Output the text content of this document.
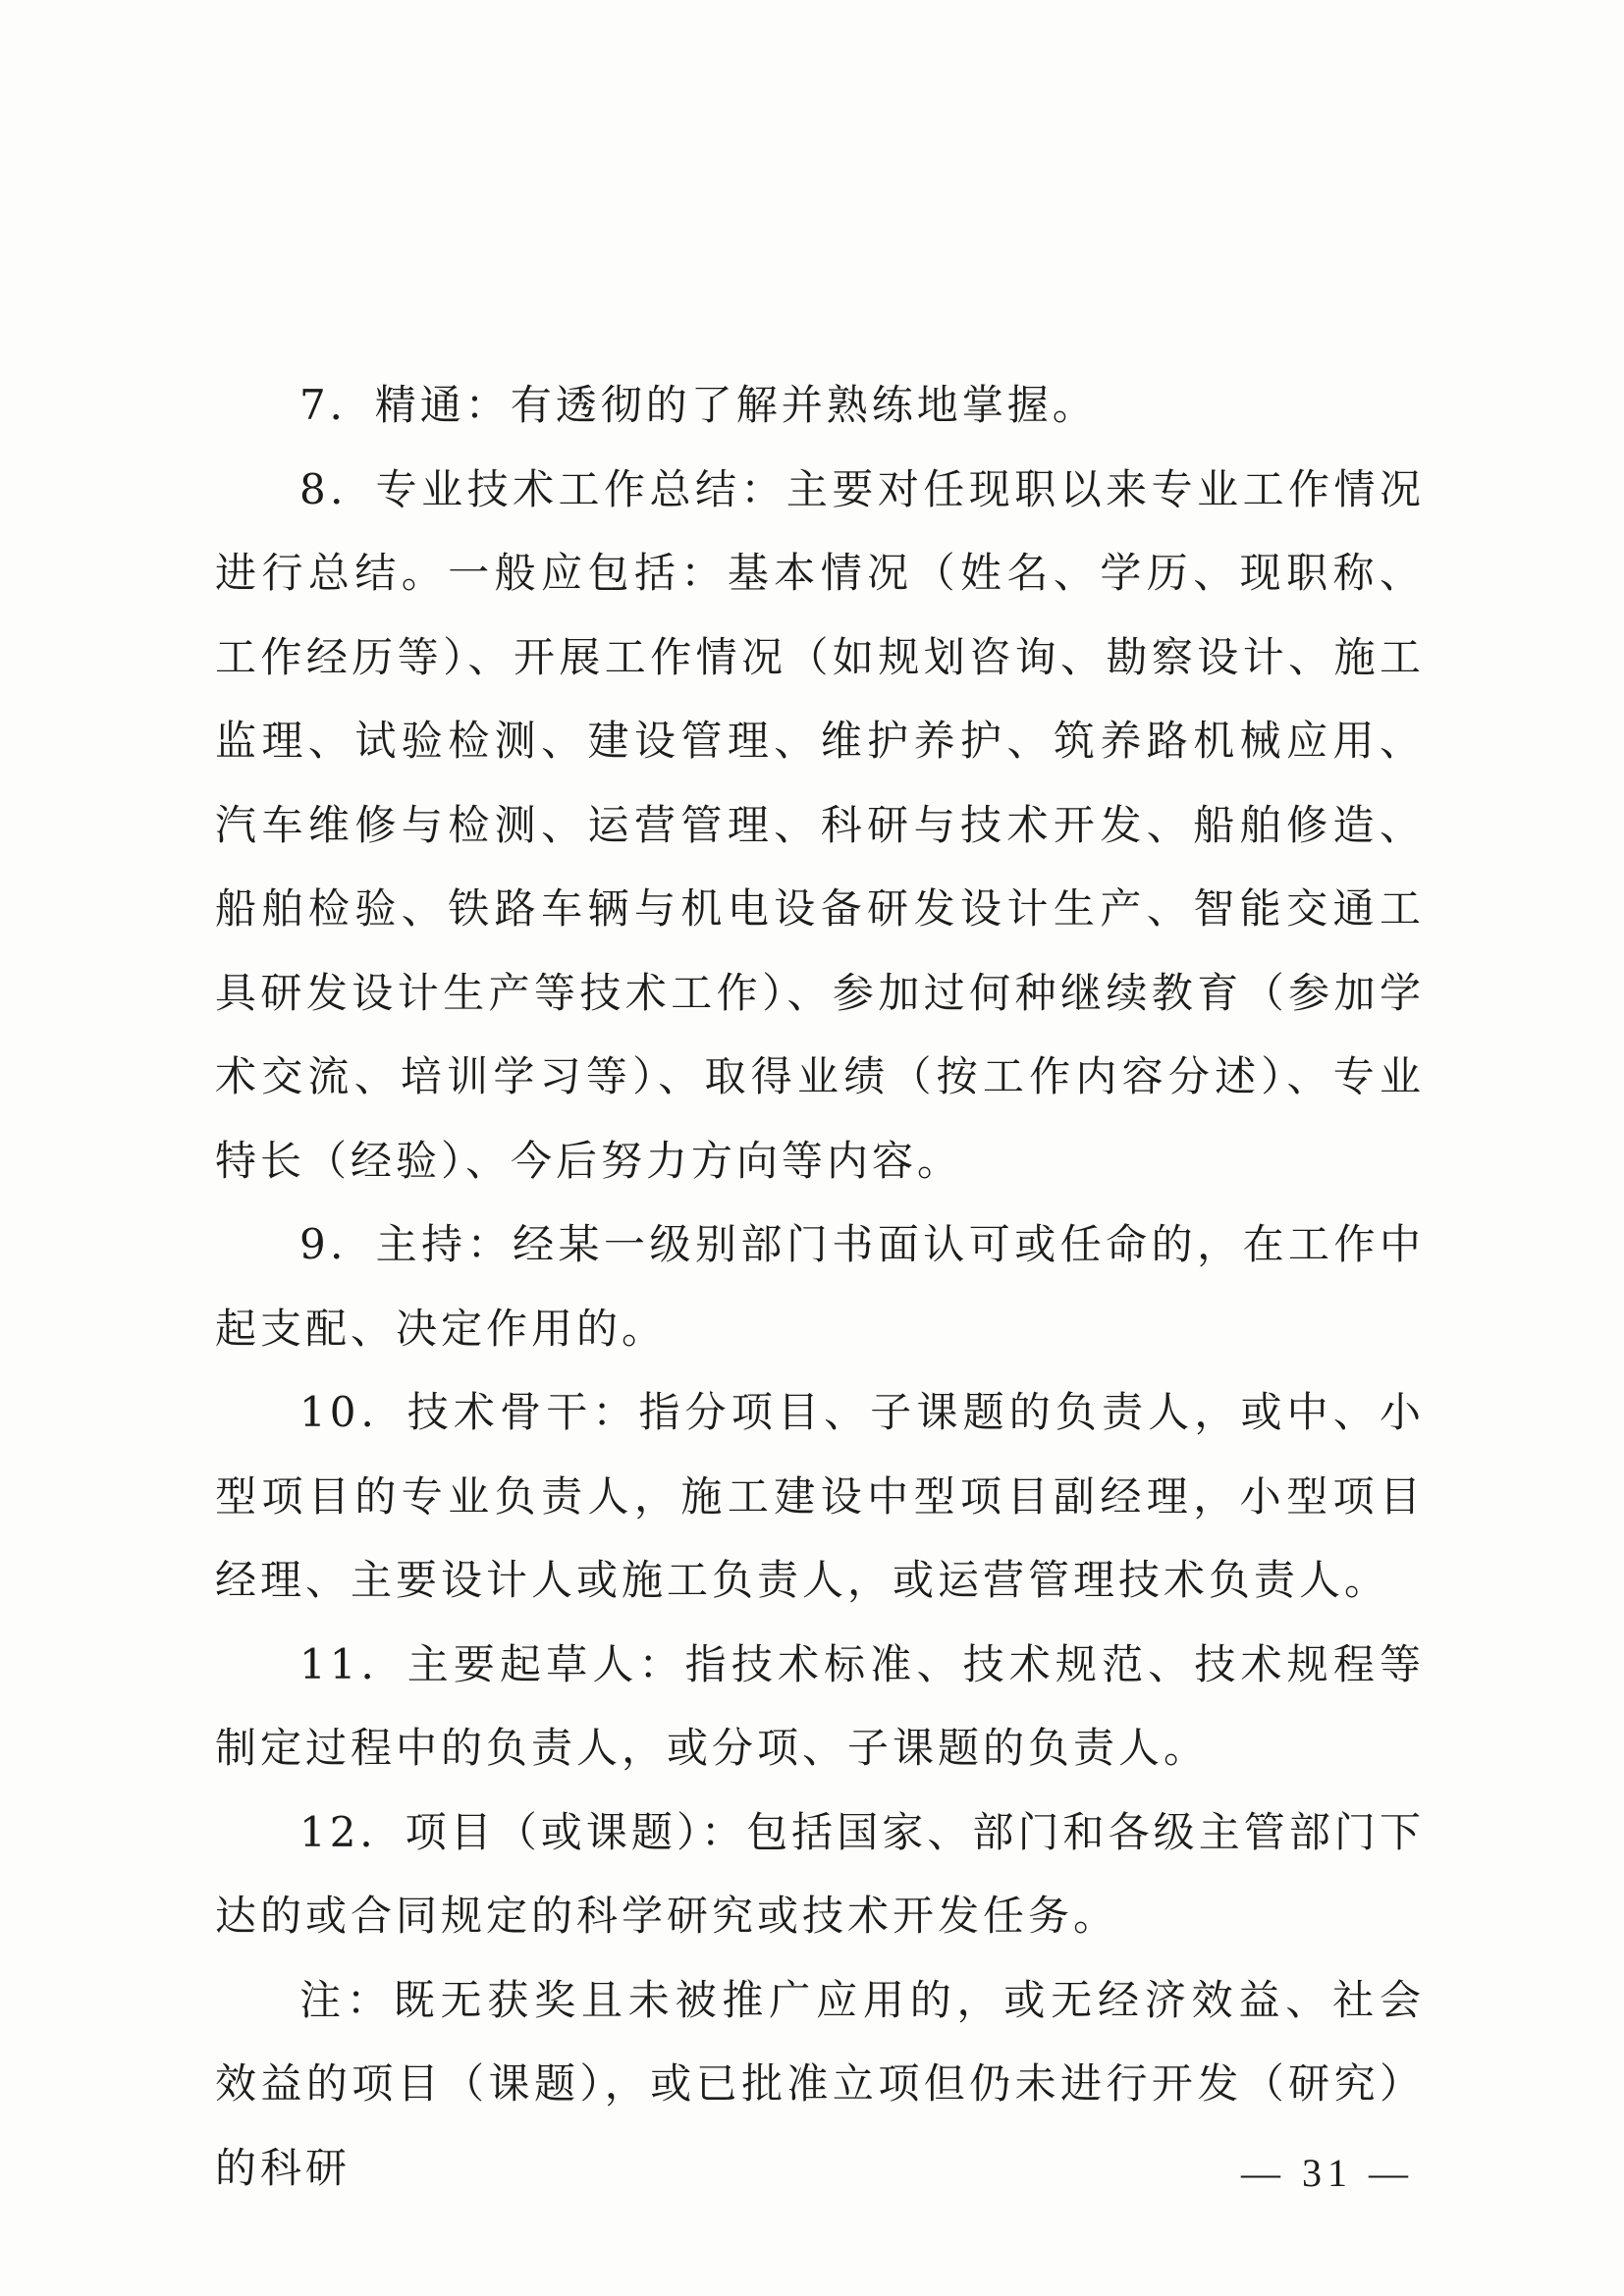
7．精通：有透彻的了解并熟练地掌握。

8．专业技术工作总结：主要对任现职以来专业工作情况进行总结。一般应包括：基本情况（姓名、学历、现职称、工作经历等）、开展工作情况（如规划咨询、勘察设计、施工监理、试验检测、建设管理、维护养护、筑养路机械应用、汽车维修与检测、运营管理、科研与技术开发、船舶修造、船舶检验、铁路车辆与机电设备研发设计生产、智能交通工具研发设计生产等技术工作）、参加过何种继续教育（参加学术交流、培训学习等）、取得业绩（按工作内容分述）、专业特长（经验）、今后努力方向等内容。

9．主持：经某一级别部门书面认可或任命的，在工作中起支配、决定作用的。

10．技术骨干：指分项目、子课题的负责人，或中、小型项目的专业负责人，施工建设中型项目副经理，小型项目经理、主要设计人或施工负责人，或运营管理技术负责人。

11．主要起草人：指技术标准、技术规范、技术规程等制定过程中的负责人，或分项、子课题的负责人。

12．项目（或课题）：包括国家、部门和各级主管部门下达的或合同规定的科学研究或技术开发任务。

注：既无获奖且未被推广应用的，或无经济效益、社会效益的项目（课题），或已批准立项但仍未进行开发（研究）的科研	— 31 —
